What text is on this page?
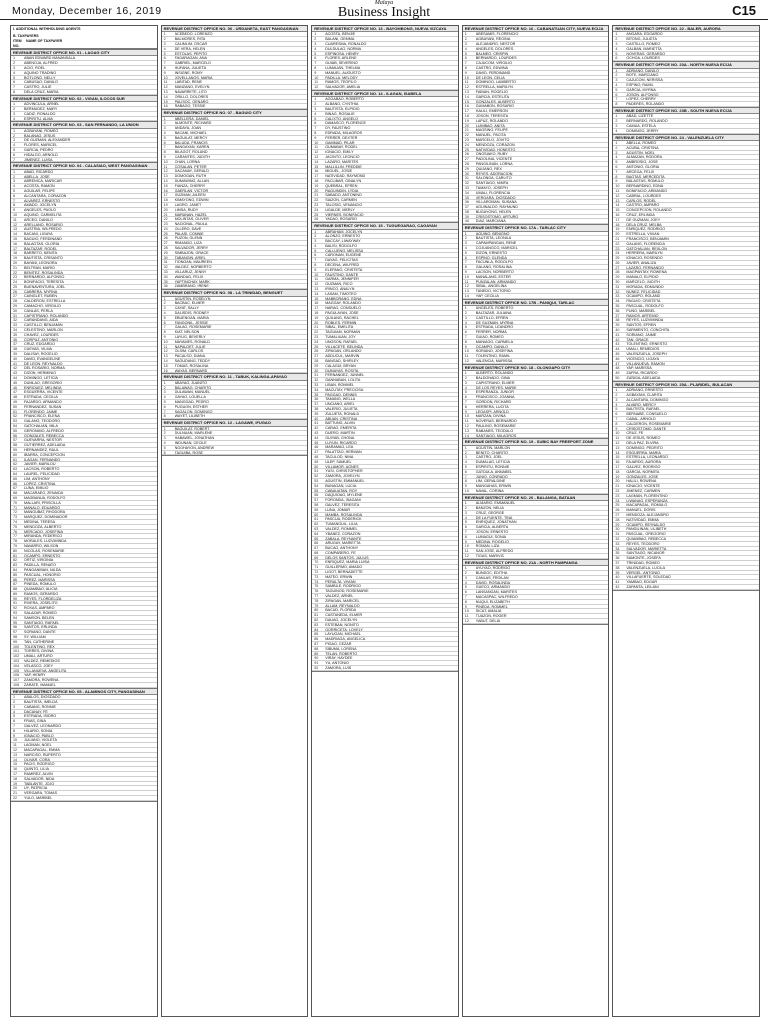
Monday, December 16, 2019
Malaya
Business Insight	C15
I. ADDITIONAL WITHHOLDING AGENTS
B. TAXPAYERS
ITEM NO.
NAME OF TAXPAYER
REVENUE DISTRICT OFFICE NO. 01 - LAOAG CITY
1	ABAN EDWARD MANANSALA
2	ABENOJA, ALFRED
3	ACIO, ROEL
4	AQUINO TRADING
5	BOTLONG, NELLY
6	CABUSAO, DANILO
7	CASTRO, JULIE
8	DELA CRUZ, MARIA
REVENUE DISTRICT OFFICE NO. 02 - VIGAN, ILOCOS SUR
1	ADVINCULA, ARNEL
2	BERMUDEZ, MARY
3	CADIZ, RONALDO
4	ESPIRITU, ALMA
REVENUE DISTRICT OFFICE NO. 03 - SAN FERNANDO, LA UNION
1	AGBAYANI, ROMEO
2	BALANAG, JESUS
3	DE GUZMAN, ALEXANDER
4	FLORES, MARICEL
5	GARCIA, PEDRO
6	HIDALGO, ARNOLD
7	JIMENEZ, LUISA
REVENUE DISTRICT OFFICE NO. 04 - CALASIAO, WEST PANGASINAN
1	ABAD, RICARDO
2	ABELLA, JOSE
3	ABRENICA, MARICAR
4	ACOSTA, RAMON
5	AGUILAR, FELIPE
6	ALCANTARA, CORAZON
7	ALVAREZ, ERNESTO
8	AMADO, JOCELYN
9	ANGELES, PAOLO
10	AQUINO, CARMELITA
11	ARCEO, DANILO
12	ARELLANO, ROSARIO
13	AUSTRIA, WILFREDO
14	BACANI, LIGAYA
15	BAGUIO, FERDINAND
16	BALAGTAS, GLORIA
17	BALTAZAR, RODEL
18	BARRETO, NENITA
19	BAUTISTA, CRISANTO
20	BAYANI, LEONORA
21	BELTRAN, MARIO
22	BENITEZ, ROSALINDA
23	BERNARDO, ALFONSO
24	BONIFACIO, TERESITA
25	BUENAVENTURA, JOEL
26	CABRERA, MYRNA
27	CAINGLET, RUBEN
28	CALDERON, ESTRELLA
29	CAMACHO, VIRGILIO
30	CANLAS, PERLA
31	CAPISTRANO, ROLANDO
32	CARANDANG, AIDA
33	CASTILLO, BENJAMIN
34	CELESTINO, MARLON
35	CHAVEZ, LOURDES
36	CORPUZ, ANTONIO
37	CRUZ, EDGARDO
38	CUEVAS, VILMA
39	DALISAY, ROGELIO
40	DAVID, EVANGELINE
41	DE LEON, REYNALDO
42	DEL ROSARIO, NORMA
43	DIZON, HERMINIO
44	DOMINGO, LETICIA
45	DUMLAO, GREGORIO
46	ENRIQUEZ, MELINDA
47	ESGUERRA, VICENTE
48	ESTRADA, CECILIA
49	FAJARDO, ARMANDO
50	FERNANDEZ, SUSAN
51	FLORENDO, JAIME
52	FRANCISCO, ELENA
53	GALANG, TEODORO
54	GATCHALIAN, MILA
55	GERONIMO, ALFREDO
56	GONZALES, REBECCA
57	GUEVARRA, NESTOR
58	GUTIERREZ, ADELAIDA
59	HERNANDEZ, RAUL
60	IBARRA, CONCEPCION
61	ILAGAN, FERNANDO
62	JAVIER, MARILOU
63	LACSON, ROBERTO
64	LAUREL, FELICIDAD
65	LIM, ANTHONY
66	LOPEZ, CRISTINA
67	LUNA, EMILIO
68	MACARAEG, ZENAIDA
69	MAGBANUA, RODOLFO
70	MALLARI, PRISCILLA
71	MANALO, EDUARDO
72	MANGUBAT, RHODORA
73	MARQUEZ, DOMINADOR
74	MEDINA, TERESA
75	MENDOZA, ALBERTO
76	MERCADO, JOSEFINA
77	MIRANDA, FEDERICO
78	MORALES, LUZVIMINDA
79	NAVARRO, WILSON
80	NICOLAS, ROSEMARIE
81	OCAMPO, ERNESTO
82	ORTIZ, VIRGINIA
83	PADILLA, RENATO
84	PANGANIBAN, NILDA
85	PASCUAL, HONORIO
86	PEREZ, MARISSA
87	PINEDA, ROMULO
88	QUIAMBAO, ALICIA
89	RAMOS, GERARDO
90	REYES, FLORDELIZA
91	RIVERA, JOSELITO
92	ROXAS, AMPARO
93	SALAZAR, ROMEO
94	SAMSON, BELEN
95	SANTIAGO, RAFAEL
96	SANTOS, ERLINDA
97	SORIANO, DANTE
98	SY, WILLIAM
99	TAN, CATHERINE
100	TOLENTINO, REX
101	TORRES, DIVINA
102	UMALI, ARTURO
103	VALDEZ, REMEDIOS
104	VELASCO, JOEY
105	VILLANUEVA, ANGELITA
106	YAP, HENRY
107	ZAMORA, ROWENA
108	ZARATE, MANUEL
REVENUE DISTRICT OFFICE NO. 05 - ALAMINOS CITY, PANGASINAN
1	ABALOS, DIOSDADO
2	BAUTISTA, IMELDA
3	CABANG, RONNIE
4	DACANAY, FE
5	ESTRADA, ISIDRO
6	FRIAS, GINA
7	GALVEZ, LEONARDO
8	HILARIO, SONIA
9	IGNACIO, PABLO
10	JULIANO, VIOLETA
11	LAGMAN, NOEL
12	MACAPAGAL, EMMA
13	NARCISO, RUPERTO
14	OLIVAR, CORA
15	PACIS, RODRIGO
16	QUINTO, LILIA
17	RAMIREZ, ALVIN
18	SALVADOR, NIDA
19	TABLANTE, JOJO
20	UY, PATRICIA
21	VERGARA, TOMAS
22	YULO, MARIBEL
REVENUE DISTRICT OFFICE NO. 06 - URDANETA, EAST PANGASINAN
1	ACEBEDO, LORENZO
2	BALMORES, RITA
3	CALIMLIM, OSCAR
4	DE VERA, HELEN
5	ESTOLAS, PEPITO
6	FAGARAGAN, ANA
7	GABRIEL, MARCELO
8	HUFANA, JULIETA
9	INSIGNE, ROMY
10	JOVELLANOS, MARIA
11	LABITAD, RENE
12	MANZANO, EVELYN
13	NAVARRETE, LITO
14	ORILLO, DOLORES
15	PALISOC, GENARO
16	RABAGO, TESSIE
REVENUE DISTRICT OFFICE NO. 07 - BAGUIO CITY
1	ABELLERA, DANIEL
2	ALMONTE, RICHARD
3	ANDAYA, JOAN
4	BACANI, MICHAEL
5	BAGUILAT, MERCY
6	BALUDA, FRANCIS
7	BANGAYAN, KAREN
8	BILAGOT, ROLAND
9	CARANTES, JUDITH
10	CHAN, LORNA
11	COSALAN, PETER
12	DACANAY, GERALD
13	DOMOGAN, RUTH
14	DUMAWING, ALLAN
15	FIANZA, CHERRY
16	GAERLAN, VICTOR
17	GUZMAN, AILEEN
18	KIMAYONG, EDWIN
19	LAGRO, JANET
20	LIMSA, RUDY
21	MARANAN, HAZEL
22	MOLINTAS, OLIVER
23	NACIONAL, PAULA
24	OLLERO, DAVE
25	PALASI, CONNIE
26	PUZON, GLENN
27	RIMANDO, LIZA
28	SALVADOR, JERRY
29	SIMBAJON, GRACE
30	TABANGIN, ARIEL
31	TIONGAN, MAUREEN
32	VALDEZ, NORBERTO
33	VILLARUZ, JENNY
34	WANDAG, FELIX
35	YAPTINCHAY, MARK
36	ZAMBRANO, IRENE
REVENUE DISTRICT OFFICE NO. 08 - LA TRINIDAD, BENGUET
1	AGUSTIN, ROSELYN
2	BACBAC, ELMER
3	CAYAT, SALLY
4	DALISDIS, RODNEY
5	EBUENGAN, MARIA
6	FANGONIL, JESSIE
7	GALAO, ROSEMARIE
8	KIAT, NELSON
9	LAYUG, BEVERLY
10	MAYAMES, RONALD
11	NAPALDET, JULIE
12	OLSIM, CARLOS
13	PACALSO, DIANA
14	SAGUDANG, TEDDY
15	TOMAS, ROSALINA
16	WAYAS, BERNARD
REVENUE DISTRICT OFFICE NO. 11 - TABUK, KALINGA-APAYAO
1	ABAYAO, JUANITO
2	BALAWAG, CHARITO
3	DULAWAN, MANUEL
4	GAYAO, LOUELLA
5	MANGGAD, PEDRO
6	PUGUON, ESTHER
7	SAGALON, DOMINGO
8	WAYET, LILIBETH
REVENUE DISTRICT OFFICE NO. 12 - LAGAWE, IFUGAO
1	BAGUILAT, ROBERT
2	DULNUAN, MARLENE
3	HABAWEL, JONATHAN
4	INDUNAN, CECILE
5	NGOHAYON, ANDREW
6	TAGUIBA, ROSE
REVENUE DISTRICT OFFICE NO. 13 - BAYOMBONG, NUEVA VIZCAYA
1	ACOSTA, BENJIE
2	BALANI, GEMMA
3	CUARESMA, RONALDO
4	DULDULAO, NORMA
5	ESPINOSA, HENRY
6	FLORES, ARLENE
7	GUIAB, SEVERINO
8	LUMAUAN, THELMA
9	MANUEL, AUGUSTO
10	PADILLA, MELODY
11	RAMOS, TEOFILO
12	SALVADOR, AMELIA
REVENUE DISTRICT OFFICE NO. 14 - ILAGAN, ISABELA
1	AGGABAO, ROBERTO
2	ALBANO, CYNTHIA
3	BAUTISTA, ELPIDIO
4	BINAG, ROSALIE
5	CALIXTO, ANGELO
6	DAMASCO, FLORENCE
7	DY, FAUSTINO
8	EDRADA, MILAGROS
9	FERRER, DEXTER
10	GAMMAD, PILAR
11	GUMABAY, RODEL
12	IGNACIO, EMILY
13	JACINTO, LEONCIO
14	LAZARO, MARITES
15	MALLILLIN, FREDDIE
16	MIGUEL, JOSIE
17	NATIVIDAD, RAYMOND
18	PACLIBAR, GINALYN
19	QUEBRAL, EFREN
20	RAGUINDIN, LYDIA
21	SABADO, ANTONINO
22	SIAZON, CARMEN
23	TALOSIG, VENANCIO
24	UGALDE, MERLY
25	VIERNES, BONIFACIO
26	YADAO, ROSARIO
REVENUE DISTRICT OFFICE NO. 15 - TUGUEGARAO, CAGAYAN
1	ABRAHAM, JOCELYN
2	ALONZO, ERNESTO
3	BACCAY, LIWAYWAY
4	BALISI, RODOLFO
5	CALLUENG, MELISSA
6	CARONAN, EUGENE
7	DAYAG, FELICITAS
8	DECENA, WILFRED
9	ELEPANO, CRISTETA
10	FAUSTINO, DANTE
11	GARMA, JENNIFER
12	GUZMAN, RICO
13	IRINCO, ANALYN
14	LASAM, TIMOTEO
15	MABBORANG, EDNA
16	MAGGAY, ROLANDO
17	NARAG, CONSUELO
18	PAGULAYAN, JOSE
19	QUILANG, RACHEL
20	ROBLES, FERMIN
21	SIBAL, EMELITA
22	TAGUIAM, NORMAN
23	TUMALIUAN, JOY
24	UNGSON, RAFAEL
25	VILLACETE, BELINDA
26	ZIPAGAN, ORLANDO
27	ADDUCUL, MARVIN
28	BANGAD, SHIRLEY
29	CALAGUI, BRYAN
30	DUMAYAS, ROSITA
31	FERNANDEZ, JUNNEL
32	GANNABAN, LOLITA
33	LIBAN, ROMMEL
34	MACUTAY, PRECIOSA
35	PAGGAO, DENNIS
36	TAMANG, WELLA
37	UNCIANO, ARIEL
38	VALERIO, JULIETA
39	ZULUETA, RONALD
40	ABUAN, CRISTINA
41	BATTUNG, ALVIN
42	CARAG, EMERITA
43	DUERO, MARTIN
44	GUIYAB, CHONA
45	LUYUN, RICARDO
46	MARAMAG, LEA
47	PALATTAO, HERMAN
48	TACULOD, NINA
49	ULEP, SAMUEL
50	VILLAMOR, AGNES
51	YUSI, CHRISTOPHER
52	ZAMORA, JOVELYN
53	AGUSTIN, EMMANUEL
54	BUNAGAN, LUCIA
55	CABAUATAN, ROY
56	DAQUIOAG, MYLENE
57	FORONDA, ISAGANI
58	GALVEZ, TERESITA
59	LUNA, JOMAR
60	MAMBA, ROSALINDA
61	PASCUA, RODERICK
62	TUMANGUIL, LILIA
63	VALDEZ, ROMMEL
64	YBANEZ, CORAZON
65	ZABALA, REYNANTE
66	ARUGAY, MARIETTA
67	BUCAG, ANTHONY
68	COMPAÑERO, FE
69	DELOS SANTOS, JULIUS
70	ENRIQUEZ, MARIA LUISA
71	GUILLERMO, AMADO
72	LIGOT, BERNADETTE
73	MATEO, ERWIN
74	PERALTA, VIVIAN
75	SAMBILE, RODRIGO
76	TAGUINOD, ROSEMARIE
77	VALDEZ, ARNEL
78	ZIPAGAN, MARICEL
79	ALLAM, REYNALDO
80	BACUD, FLORIDA
81	CASTANEDA, ELMER
82	DAUAG, JOCELYN
83	ESTEBAN, NONITO
84	GORRICETA, LOVELY
85	LAYUGAN, MICHAEL
86	MADRIAGA, ANGELICA
87	PIGAO, CEZAR
88	SIBUMA, LORENA
89	TELAN, ROBERTO
90	VIRAY, HAYDEE
91	YU, ANTONIO
92	ZAMORA, LUIS
REVENUE DISTRICT OFFICE NO. 16 - CABANATUAN CITY, NUEVA ECIJA
1	ABESAMIS, FLORENCIO
2	AGBAYANI, REGINA
3	ALEJANDRO, NESTOR
4	ANGELES, DOLORES
5	BALMEO, CRISPIN
6	BERNARDO, LOURDES
7	CAJUCOM, VIRGILIO
8	CASTRO, EDWINA
9	DAVID, FERDINAND
10	DE LEON, CELIA
11	DOMINGO, LAMBERTO
12	ESTRELLA, MARILYN
13	FABIAN, ROGELIO
14	GARCIA, ESTELITA
15	GONZALES, ALBERTO
16	GUMABON, ROSARIO
17	HALILI, EMERSON
18	JOSON, TERESITA
19	LAPUZ, ROLANDO
20	LUMIBAO, ANITA
21	MAGSINO, FELIPE
22	MANUEL, PACITA
23	MARCELO, JOVITO
24	MENDOZA, CORAZON
25	NATIVIDAD, HONESTO
26	ONGSIAKO, RUBY
27	PADOLINA, VICENTE
28	PANGILINAN, LORNA
29	QUIJANO, REX
30	REYES, ADORACION
31	SALONGA, CARLITO
32	SANTIAGO, NIMFA
33	TAMAYO, JOSEPH
34	UMALI, FLORENCIA
35	VERGARA, DIOSDADO
36	VILLAROMAN, SUSANA
37	AGUINALDO, RAYMUND
38	BUGAYONG, HELEN
39	CRISOSTOMO, ARTURO
40	DIAZ, MARCIANA
REVENUE DISTRICT OFFICE NO. 17A - TARLAC CITY
1	AQUINO, BENIGNO
2	BAUTISTA, LEONILA
3	CAPAMPANGAN, RENE
4	COJUANGCO, MARICEL
5	DIZON, ERNESTO
6	ESPINO, GLENDA
7	FACUNLA, RODOLFO
8	GALANG, ROSALINA
9	LACSON, NORBERTO
10	MANALANG, ESTER
11	PUNZALAN, ARMANDO
12	SIBAL, ANGELINA
13	TANEDO, VICTORIO
14	YAP, CECILIA
REVENUE DISTRICT OFFICE NO. 17B - PANIQUI, TARLAC
1	ANGELES, ROBERTO
2	BALTAZAR, JULIANA
3	CASTILLO, EFREN
4	DE GUZMAN, MYRNA
5	ESTRADA, LEANDRO
6	FERRER, NORMA
7	GUIAO, ROMEO
8	MANIAGO, CARMELA
9	OCAMPO, DANILO
10	SORIANO, JOSEFINA
11	TOLENTINO, RAMIL
12	VALENCIA, MARISSA
REVENUE DISTRICT OFFICE NO. 18 - OLONGAPO CITY
1	ALBERTO, ROLANDO
2	BALDONADO, GINA
3	CAPISTRANO, ELMER
4	DE LOS REYES, MARIE
5	ESPERANZA, JUNIOR
6	FRANCISCO, JOANNA
7	GORDON, RICHARD
8	HERRERA, LUCITA
9	LEGASPI, ARNOLD
10	MARZAN, DIVINA
11	NOVERAS, BERNARDO
12	PAULINO, ROSEMARIE
13	RABANES, TEODULO
14	SANTIAGO, MILAGROS
REVENUE DISTRICT OFFICE NO. 19 - SUBIC BAY FREEPORT ZONE
1	AGUSTIN, MARLON
2	BENITO, CHARITO
3	CASTRO, JOEL
4	DUMALAG, LETICIA
5	ESPIRITU, RONNIE
6	GATDULA, ANNABEL
7	JUNIO, CONRADO
8	LIM, GERALDINE
9	MANGAHAS, ERWIN
10	NAVAL, CORINA
REVENUE DISTRICT OFFICE NO. 20 - BALANGA, BATAAN
1	ALMARIO, EMMANUEL
2	BANZON, NELIA
3	CRUZ, GEORGE
4	DE LA FUENTE, TINA
5	ENRIQUEZ, JONATHAN
6	GARCIA, ALBERTA
7	JOSON, ERNESTO
8	LUMAGUI, SONIA
9	MEDINA, ROGELIO
10	ROMAN, LIZA
11	SAN JOSE, ALFREDO
12	TIGAS, MARIVIC
REVENUE DISTRICT OFFICE NO. 21A - NORTH PAMPANGA
1	AYUYAO, RODRIGO
2	BUNDOC, EDITHA
3	CANLAS, FROILAN
4	DAVID, ROSALINDA
5	GUECO, ARMANDO
6	LANSANGAN, MARITES
7	MACASPAC, WILFREDO
8	NUQUI, ELIZABETH
9	PINEDA, ROMMEL
10	SICAT, AMALIA
11	TUAZON, ROGER
12	YABUT, DELIA
REVENUE DISTRICT OFFICE NO. 22 - BALER, AURORA
1	ANGARA, EDGARDO
2	BITONG, JULIETA
3	CASTILLO, ROMEO
4	GALBAN, MARIETTA
5	NOVERAS, GERARDO
6	OCHOA, LOURDES
REVENUE DISTRICT OFFICE NO. 23A - NORTH NUEVA ECIJA
1	ADRIANO, DANILO
2	BOTE, MARCIANO
3	CAJUCOM, NERISSA
4	ESPINO, RAMIL
5	GARCIA, MYRNA
6	JOSON, ALFONSO
7	LOPEZ, CHERRY
8	PADERES, ROLANDO
REVENUE DISTRICT OFFICE NO. 23B - SOUTH NUEVA ECIJA
1	ABAD, LIZETTE
2	BERNARDO, ROLANDO
3	CAMUA, ESTELA
4	DOMINGO, JERRY
REVENUE DISTRICT OFFICE NO. 24 - VALENZUELA CITY
1	ABELLA, ROMEO
2	ACUÑA, CRISTINA
3	AGUSTIN, NOEL
4	ALMAZAN, RODORA
5	AMBROSIO, JOSE
6	ANTONIO, GLORIA
7	ARCEGA, FELIX
8	BAGTAS, MERCEDITA
9	BALAGTAS, ROMULO
10	BERNARDINO, EDNA
11	BONIFACIO, ARMANDO
12	CABRAL, LOURDES
13	CARLOS, RODEL
14	CASTRO, AMPARO
15	CONCEPCION, ROLANDO
16	CRUZ, ERLINDA
17	DE GUZMAN, JOEY
18	DELA CRUZ, MELBA
19	ENRIQUEZ, RODRIGO
20	ESTRELLA, VIVIAN
21	FRANCISCO, BENJAMIN
22	GALANG, FLORENCIA
23	GATCHALIAN, REXLON
24	HERRERA, MARILYN
25	IGNACIO, ROSENDO
26	JAVIER, ANALIZA
27	LAZARO, FERNANDO
28	MAGPANTAY, ROWENA
29	MANALO, ELPIDIO
30	MARCELO, JUDITH
31	MORADA, EDMUNDO
32	NUNEZ, FELICIDAD
33	OCAMPO, ROLAND
34	PAGUIO, CRISTETA
35	PASCUAL, RODOLFO
36	PUNO, MARIBEL
37	RAMOS, ARTEMIO
38	REYES, LUZVIMINDA
39	SANTOS, EFREN
40	SARMIENTO, CONCHITA
41	SORIANO, JAIME
42	TAN, GRACE
43	TOLENTINO, ERNESTO
44	UMALI, REMEDIOS
45	VALENZUELA, JOSEPH
46	VICENCIO, LIGAYA
47	VILLANUEVA, RAMON
48	YAP, MARISSA
49	ZAFRA, RICARDO
50	ZUÑIGA, ADELAIDA
REVENUE DISTRICT OFFICE NO. 25A - PLARIDEL, BULACAN
1	ADRIANO, ERNESTO
2	AGBAYANI, CLARITA
3	ALCANTARA, DOMINGO
4	ALVARO, MERCY
5	BAUTISTA, RAFAEL
6	BERNABE, CONSUELO
7	CABAL, ARNOLD
8	CALDERON, ROSEMARIE
9	CRISOSTOMO, DANTE
10	CRUZ, FE
11	DE JESUS, ROMEO
12	DELA PAZ, ELVIRA
13	DOMINGO, PEDRITO
14	ESGUERRA, MARIA
15	ESTRELLA, LEONARDO
16	FAJARDO, AURORA
17	GALVEZ, RODRIGO
18	GARCIA, NORMITA
19	GONZALES, JOSE
20	HALILI, ROWENA
21	IGNACIO, VICENTE
22	JIMENEZ, CARMEN
23	LAGMAN, FLORENTINO
24	LIWANAG, ESPERANZA
25	MACAPAGAL, ROMULO
26	MANUEL, DORIS
27	MENDOZA, ALEJANDRO
28	NATIVIDAD, EMMA
29	OCAMPO, REYNALDO
30	PANGILINAN, LILIBETH
31	PASCUAL, GREGORIO
32	QUIAMBAO, REBECCA
33	REYES, TEODORO
34	SALVADOR, MARIETTA
35	SANTIAGO, NICANOR
36	SAMONTE, JOSEFA
37	TRINIDAD, ROMEO
38	VALENZUELA, LUCILA
39	VERGEL, ANTONIO
40	VILLAFUERTE, SOLEDAD
41	YAMBAO, EDGAR
42	ZAPANTA, LEILANI
